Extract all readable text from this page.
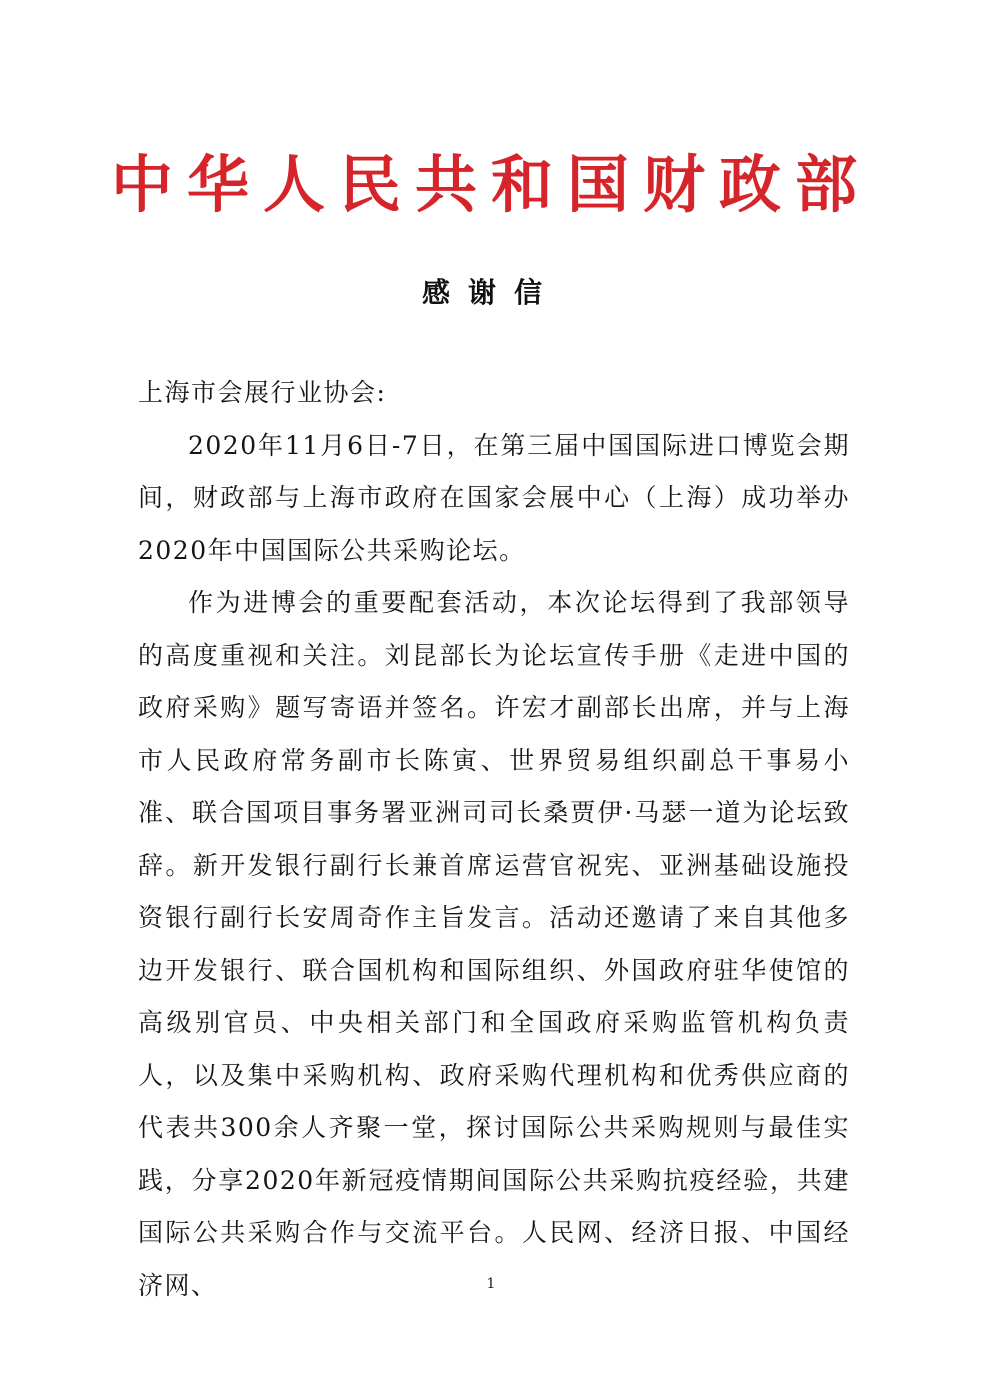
中华人民共和国财政部
感谢信

上海市会展行业协会:

2020年11月6日-7日，在第三届中国国际进口博览会期间，财政部与上海市政府在国家会展中心（上海）成功举办2020年中国国际公共采购论坛。

作为进博会的重要配套活动，本次论坛得到了我部领导的高度重视和关注。刘昆部长为论坛宣传手册《走进中国的政府采购》题写寄语并签名。许宏才副部长出席，并与上海市人民政府常务副市长陈寅、世界贸易组织副总干事易小准、联合国项目事务署亚洲司司长桑贾伊·马瑟一道为论坛致辞。新开发银行副行长兼首席运营官祝宪、亚洲基础设施投资银行副行长安周奇作主旨发言。活动还邀请了来自其他多边开发银行、联合国机构和国际组织、外国政府驻华使馆的高级别官员、中央相关部门和全国政府采购监管机构负责人，以及集中采购机构、政府采购代理机构和优秀供应商的代表共300余人齐聚一堂，探讨国际公共采购规则与最佳实践，分享2020年新冠疫情期间国际公共采购抗疫经验，共建国际公共采购合作与交流平台。人民网、经济日报、中国经济网、	1
